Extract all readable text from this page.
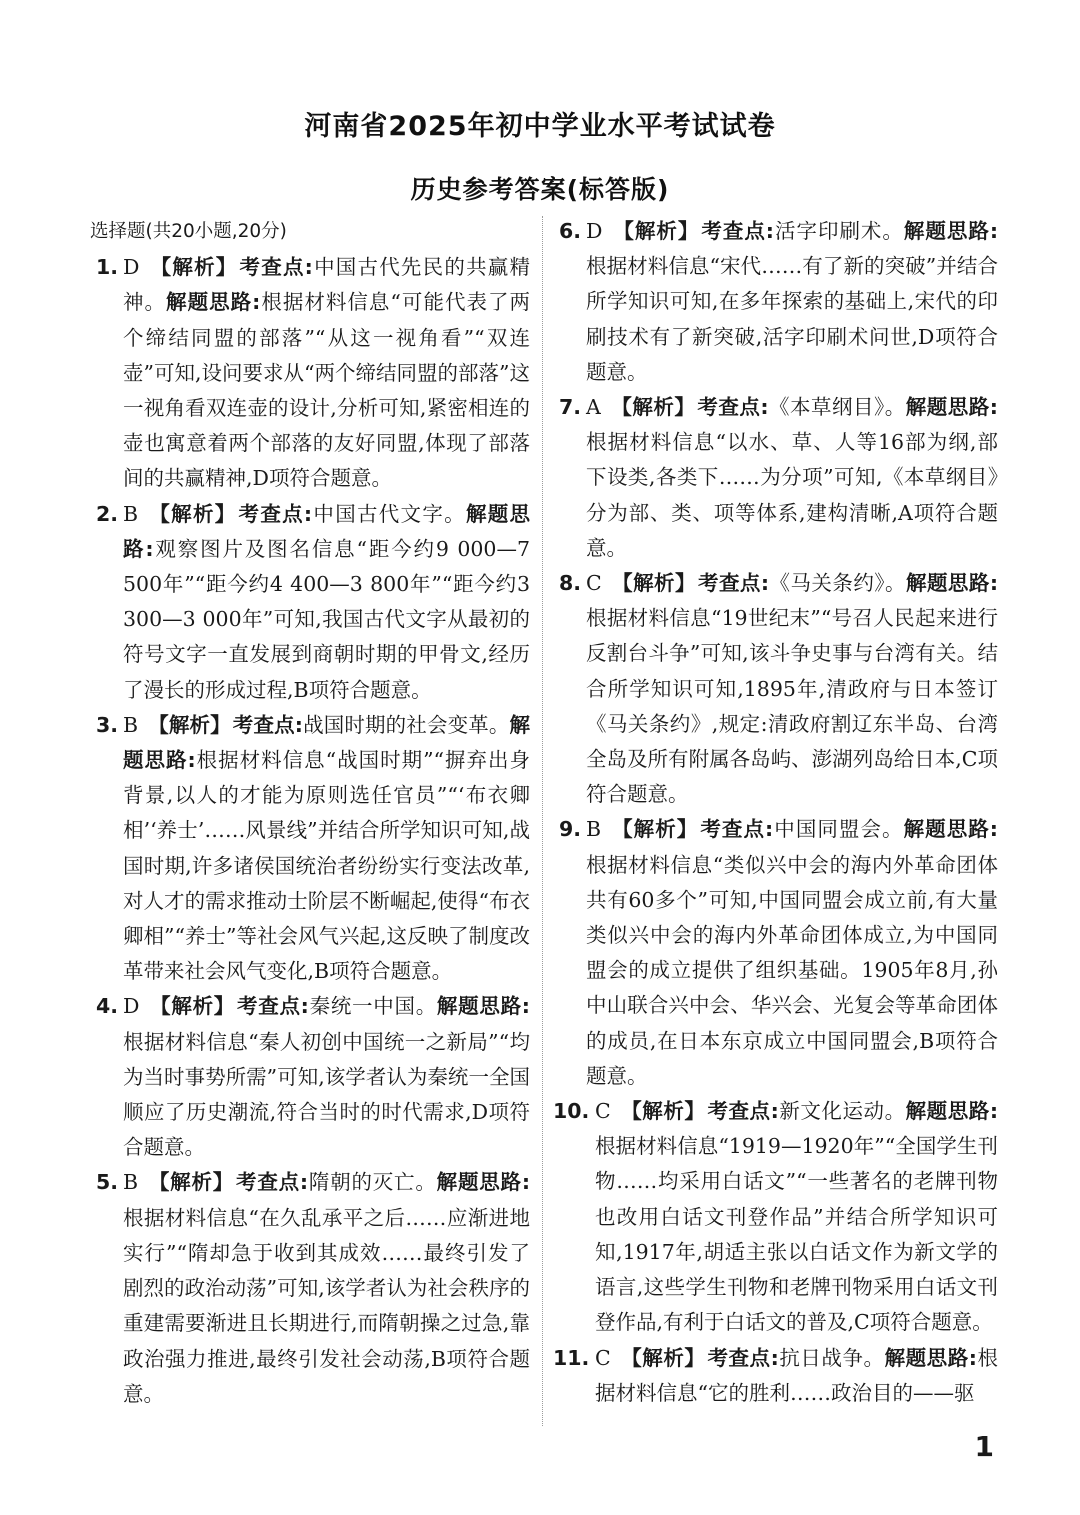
河南省2025年初中学业水平考试试卷
历史参考答案(标答版)
选择题(共20小题,20分)
1. D 【解析】考查点:中国古代先民的共赢精神。解题思路:根据材料信息“可能代表了两个缔结同盟的部落”“从这一视角看”“双连壶”可知,设问要求从“两个缔结同盟的部落”这一视角看双连壶的设计,分析可知,紧密相连的壶也寓意着两个部落的友好同盟,体现了部落间的共赢精神,D项符合题意。
2. B 【解析】考查点:中国古代文字。解题思路:观察图片及图名信息“距今约9 000—7 500年”“距今约4 400—3 800年”“距今约3 300—3 000年”可知,我国古代文字从最初的符号文字一直发展到商朝时期的甲骨文,经历了漫长的形成过程,B项符合题意。
3. B 【解析】考查点:战国时期的社会变革。解题思路:根据材料信息“战国时期”“摒弃出身背景,以人的才能为原则选任官员”“‘布衣卿相’‘养士’……风景线”并结合所学知识可知,战国时期,许多诸侯国统治者纷纷实行变法改革,对人才的需求推动士阶层不断崛起,使得“布衣卿相”“养士”等社会风气兴起,这反映了制度改革带来社会风气变化,B项符合题意。
4. D 【解析】考查点:秦统一中国。解题思路:根据材料信息“秦人初创中国统一之新局”“均为当时事势所需”可知,该学者认为秦统一全国顺应了历史潮流,符合当时的时代需求,D项符合题意。
5. B 【解析】考查点:隋朝的灭亡。解题思路:根据材料信息“在久乱承平之后……应渐进地实行”“隋却急于收到其成效……最终引发了剧烈的政治动荡”可知,该学者认为社会秩序的重建需要渐进且长期进行,而隋朝操之过急,靠政治强力推进,最终引发社会动荡,B项符合题意。
6. D 【解析】考查点:活字印刷术。解题思路:根据材料信息“宋代……有了新的突破”并结合所学知识可知,在多年探索的基础上,宋代的印刷技术有了新突破,活字印刷术问世,D项符合题意。
7. A 【解析】考查点:《本草纲目》。解题思路:根据材料信息“以水、草、人等16部为纲,部下设类,各类下……为分项”可知,《本草纲目》分为部、类、项等体系,建构清晰,A项符合题意。
8. C 【解析】考查点:《马关条约》。解题思路:根据材料信息“19世纪末”“号召人民起来进行反割台斗争”可知,该斗争史事与台湾有关。结合所学知识可知,1895年,清政府与日本签订《马关条约》,规定:清政府割辽东半岛、台湾全岛及所有附属各岛屿、澎湖列岛给日本,C项符合题意。
9. B 【解析】考查点:中国同盟会。解题思路:根据材料信息“类似兴中会的海内外革命团体共有60多个”可知,中国同盟会成立前,有大量类似兴中会的海内外革命团体成立,为中国同盟会的成立提供了组织基础。1905年8月,孙中山联合兴中会、华兴会、光复会等革命团体的成员,在日本东京成立中国同盟会,B项符合题意。
10. C 【解析】考查点:新文化运动。解题思路:根据材料信息“1919—1920年”“全国学生刊物……均采用白话文”“一些著名的老牌刊物也改用白话文刊登作品”并结合所学知识可知,1917年,胡适主张以白话文作为新文学的语言,这些学生刊物和老牌刊物采用白话文刊登作品,有利于白话文的普及,C项符合题意。
11. C 【解析】考查点:抗日战争。解题思路:根据材料信息“它的胜利……政治目的——驱
1
